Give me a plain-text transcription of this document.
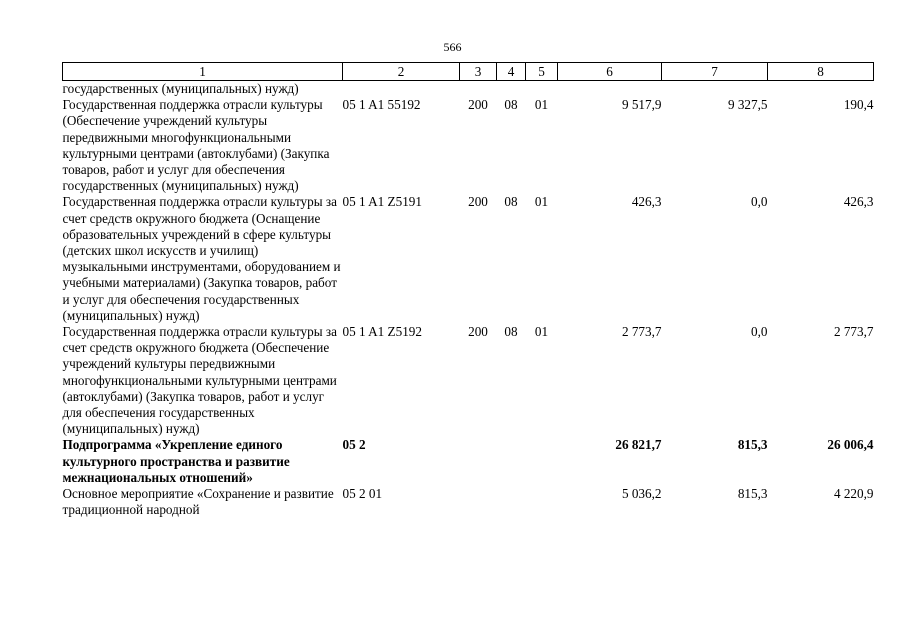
566
1	2	3	4	5	6	7	8
государственных (муниципальных) нужд)							
Государственная поддержка отрасли культуры (Обеспечение учреждений культуры передвижными многофункциональными культурными центрами (автоклубами) (Закупка товаров, работ и услуг для обеспечения государственных (муниципальных) нужд)	05 1 A1 55192	200	08	01	9 517,9	9 327,5	190,4
Государственная поддержка отрасли культуры за счет средств окружного бюджета (Оснащение образовательных учреждений в сфере культуры (детских школ искусств и училищ) музыкальными инструментами, оборудованием и учебными материалами) (Закупка товаров, работ и услуг для обеспечения государственных (муниципальных) нужд)	05 1 A1 Z5191	200	08	01	426,3	0,0	426,3
Государственная поддержка отрасли культуры за счет средств окружного бюджета (Обеспечение учреждений культуры передвижными многофункциональными культурными центрами (автоклубами) (Закупка товаров, работ и услуг для обеспечения государственных (муниципальных) нужд)	05 1 A1 Z5192	200	08	01	2 773,7	0,0	2 773,7
Подпрограмма «Укрепление единого культурного пространства и развитие межнациональных отношений»	05 2				26 821,7	815,3	26 006,4
Основное мероприятие «Сохранение и развитие традиционной народной	05 2 01				5 036,2	815,3	4 220,9
